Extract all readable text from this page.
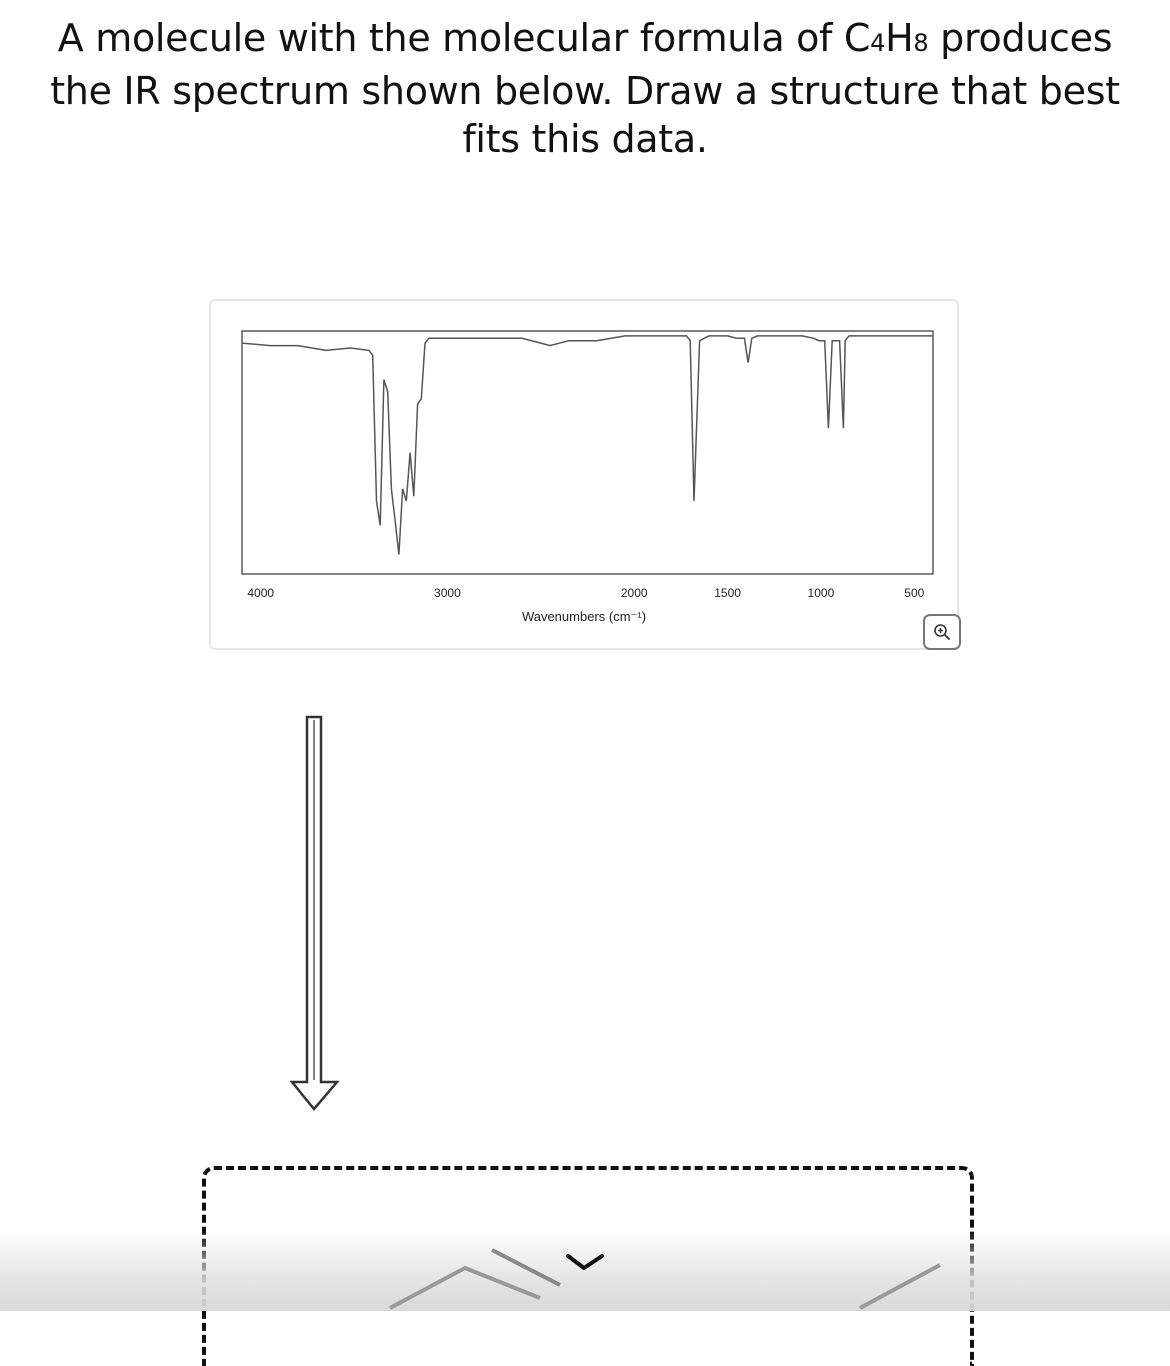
A molecule with the molecular formula of C4H8 produces the IR spectrum shown below. Draw a structure that best fits this data.
4000	3000	2000	1500	1000	500
Wavenumbers (cm⁻¹)
